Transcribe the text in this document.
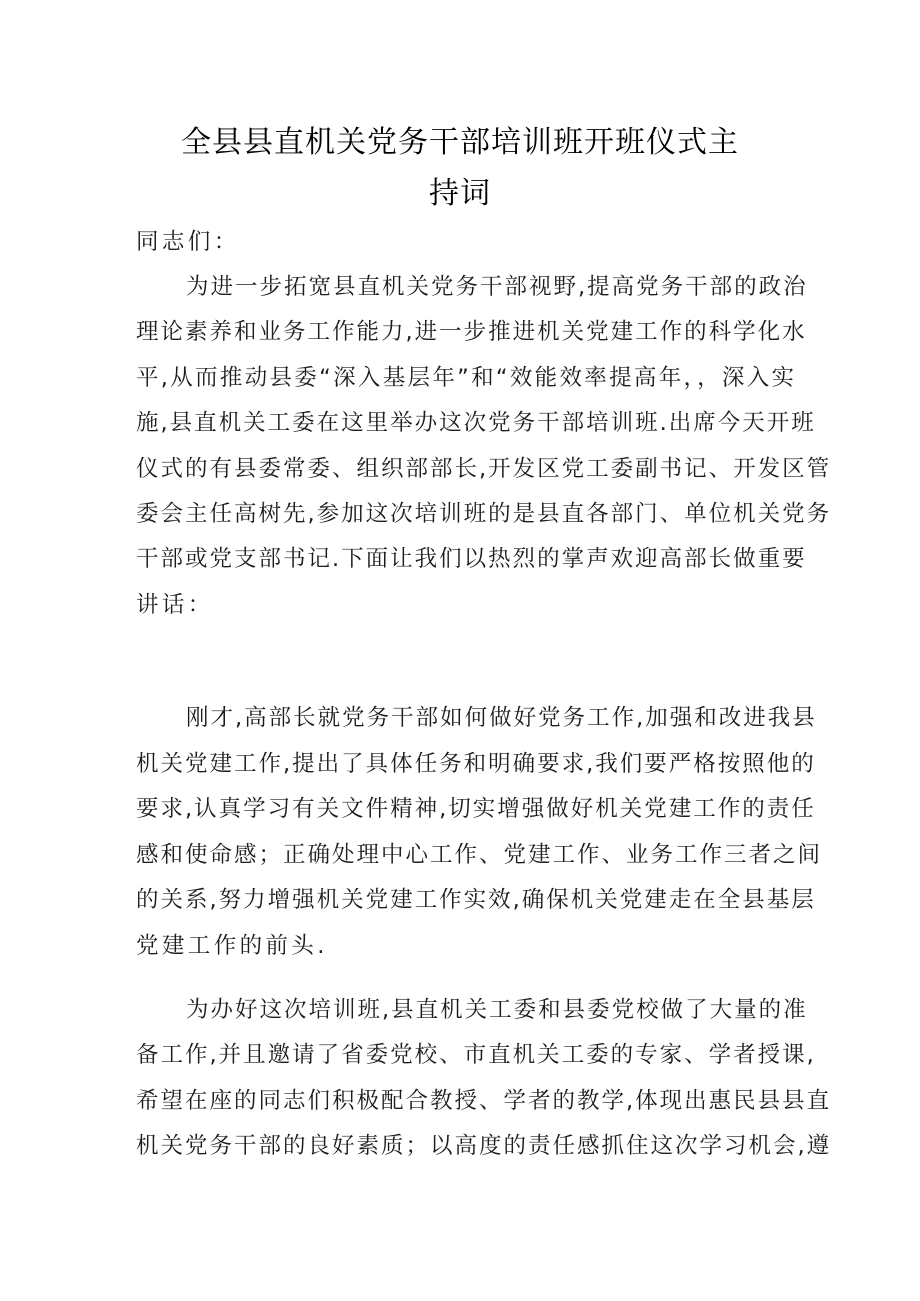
全县县直机关党务干部培训班开班仪式主
持词

同志们：

为进一步拓宽县直机关党务干部视野,提高党务干部的政治

理论素养和业务工作能力,进一步推进机关党建工作的科学化水

平,从而推动县委“深入基层年”和“效能效率提高年，，深入实

施,县直机关工委在这里举办这次党务干部培训班.出席今天开班

仪式的有县委常委、组织部部长,开发区党工委副书记、开发区管

委会主任高树先,参加这次培训班的是县直各部门、单位机关党务

干部或党支部书记.下面让我们以热烈的掌声欢迎高部长做重要

讲话：

刚才,高部长就党务干部如何做好党务工作,加强和改进我县

机关党建工作,提出了具体任务和明确要求,我们要严格按照他的

要求,认真学习有关文件精神,切实增强做好机关党建工作的责任

感和使命感；正确处理中心工作、党建工作、业务工作三者之间

的关系,努力增强机关党建工作实效,确保机关党建走在全县基层

党建工作的前头.

为办好这次培训班,县直机关工委和县委党校做了大量的准

备工作,并且邀请了省委党校、市直机关工委的专家、学者授课,

希望在座的同志们积极配合教授、学者的教学,体现出惠民县县直

机关党务干部的良好素质；以高度的责任感抓住这次学习机会,遵
